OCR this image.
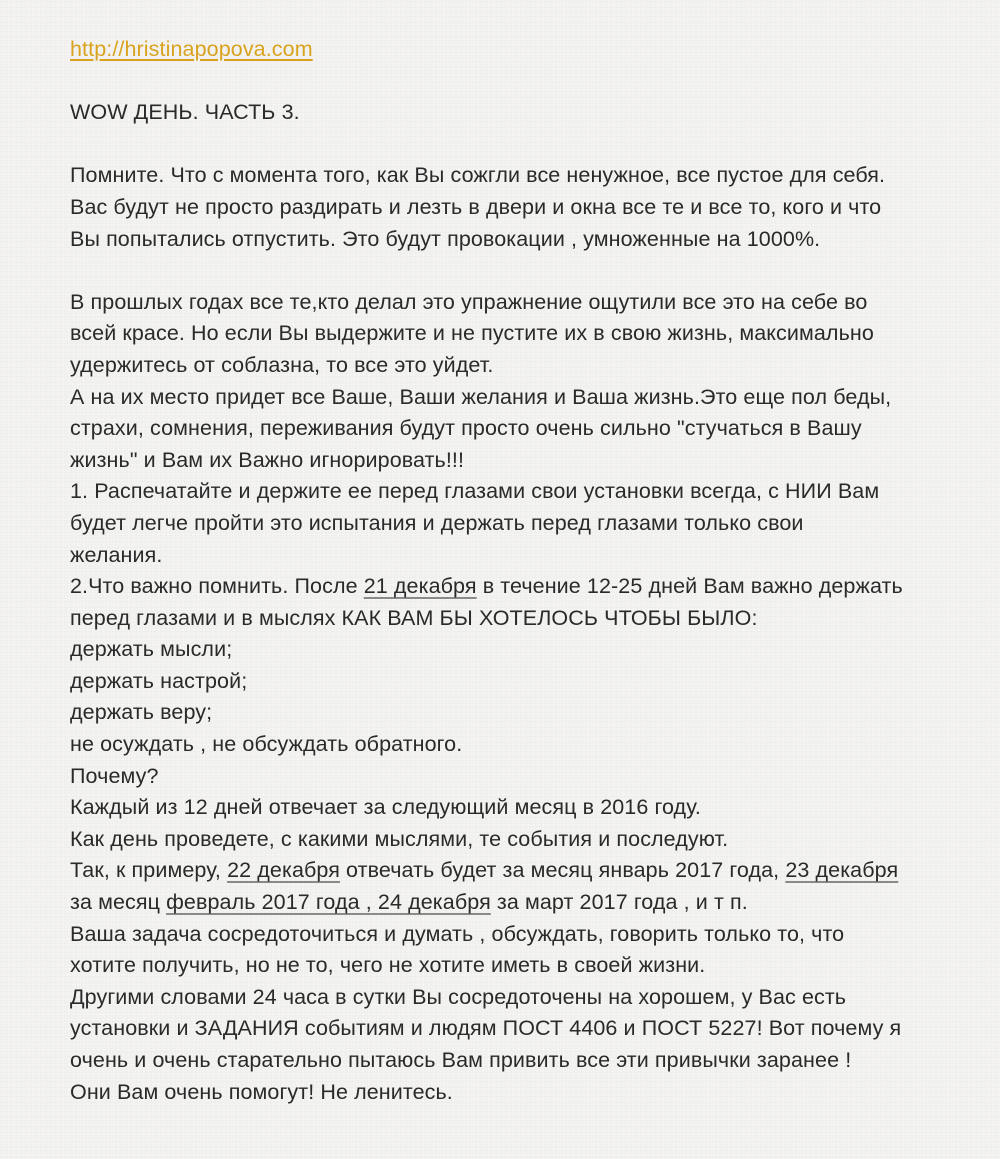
http://hristinapopova.com
WOW ДЕНЬ. ЧАСТЬ 3.
Помните. Что с момента того, как Вы сожгли все ненужное, все пустое для себя.
Вас будут не просто раздирать и лезть в двери и окна все те и все то, кого и что
Вы попытались отпустить. Это будут провокации , умноженные на 1000%.
В прошлых годах все те,кто делал это упражнение ощутили все это на себе во
всей красе. Но если Вы выдержите и не пустите их в свою жизнь, максимально
удержитесь от соблазна, то все это уйдет.
А на их место придет все Ваше, Ваши желания и Ваша жизнь.Это еще пол беды,
страхи, сомнения, переживания будут просто очень сильно "стучаться в Вашу
жизнь" и Вам их Важно игнорировать!!!
1. Распечатайте и держите ее перед глазами свои установки всегда, с НИИ Вам
будет легче пройти это испытания и держать перед глазами только свои
желания.
2.Что важно помнить. После 21 декабря в течение 12-25 дней Вам важно держать
перед глазами и в мыслях КАК ВАМ БЫ ХОТЕЛОСЬ ЧТОБЫ БЫЛО:
держать мысли;
держать настрой;
держать веру;
не осуждать , не обсуждать обратного.
Почему?
Каждый из 12 дней отвечает за следующий месяц в 2016 году.
Как день проведете, с какими мыслями, те события и последуют.
Так, к примеру, 22 декабря отвечать будет за месяц январь 2017 года, 23 декабря
за месяц февраль 2017 года , 24 декабря за март 2017 года , и т п.
Ваша задача сосредоточиться и думать , обсуждать, говорить только то, что
хотите получить, но не то, чего не хотите иметь в своей жизни.
Другими словами 24 часа в сутки Вы сосредоточены на хорошем, у Вас есть
установки и ЗАДАНИЯ событиям и людям ПОСТ 4406 и ПОСТ 5227! Вот почему я
очень и очень старательно пытаюсь Вам привить все эти привычки заранее !
Они Вам очень помогут! Не ленитесь.
